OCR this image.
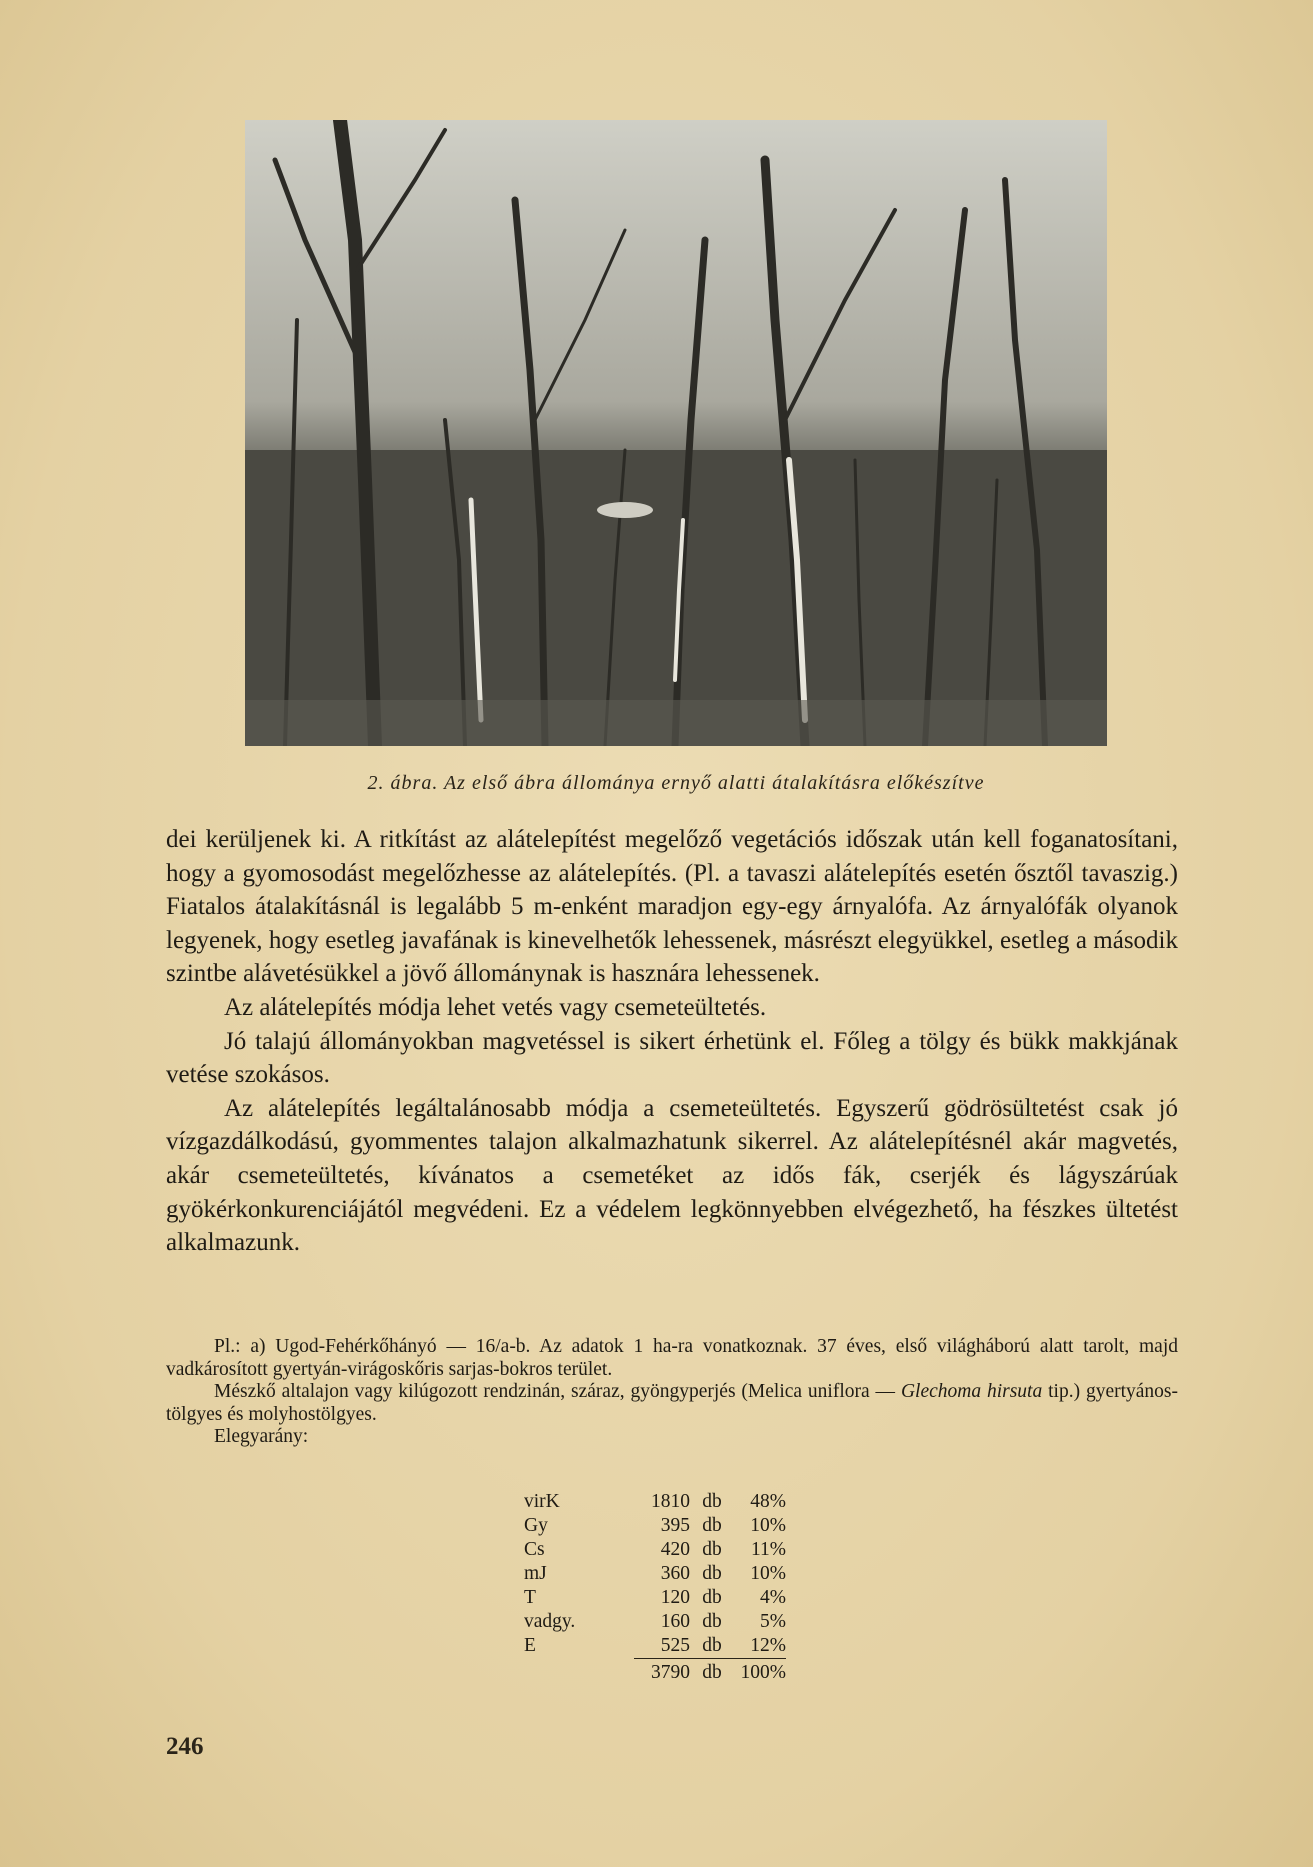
2. ábra. Az első ábra állománya ernyő alatti átalakításra előkészítve

dei kerüljenek ki. A ritkítást az alátelepítést megelőző vegetációs időszak után kell foganatosítani, hogy a gyomosodást megelőzhesse az alátelepítés. (Pl. a tavaszi alátelepítés esetén ősztől tavaszig.) Fiatalos átalakításnál is legalább 5 m-enként maradjon egy-egy árnyalófa. Az árnyalófák olyanok legyenek, hogy esetleg javafának is kinevelhetők lehessenek, másrészt elegyükkel, esetleg a második szintbe alávetésükkel a jövő állománynak is hasznára lehessenek.

Az alátelepítés módja lehet vetés vagy csemeteültetés.

Jó talajú állományokban magvetéssel is sikert érhetünk el. Főleg a tölgy és bükk makkjának vetése szokásos.

Az alátelepítés legáltalánosabb módja a csemeteültetés. Egyszerű gödrösültetést csak jó vízgazdálkodású, gyommentes talajon alkalmazhatunk sikerrel. Az alátelepítésnél akár magvetés, akár csemeteültetés, kívánatos a csemetéket az idős fák, cserjék és lágyszárúak gyökérkonkurenciájától megvédeni. Ez a védelem legkönnyebben elvégezhető, ha fészkes ültetést alkalmazunk.

Pl.: a) Ugod-Fehérkőhányó — 16/a-b. Az adatok 1 ha-ra vonatkoznak. 37 éves, első világháború alatt tarolt, majd vadkárosított gyertyán-virágoskőris sarjas-bokros terület.

Mészkő altalajon vagy kilúgozott rendzinán, száraz, gyöngyperjés (Melica uniflora — Glechoma hirsuta tip.) gyertyános-tölgyes és molyhostölgyes.

Elegyarány:

virK	1810	db	48%
Gy	395	db	10%
Cs	420	db	11%
mJ	360	db	10%
T	120	db	4%
vadgy.	160	db	5%
E	525	db	12%
	3790	db	100%
246
